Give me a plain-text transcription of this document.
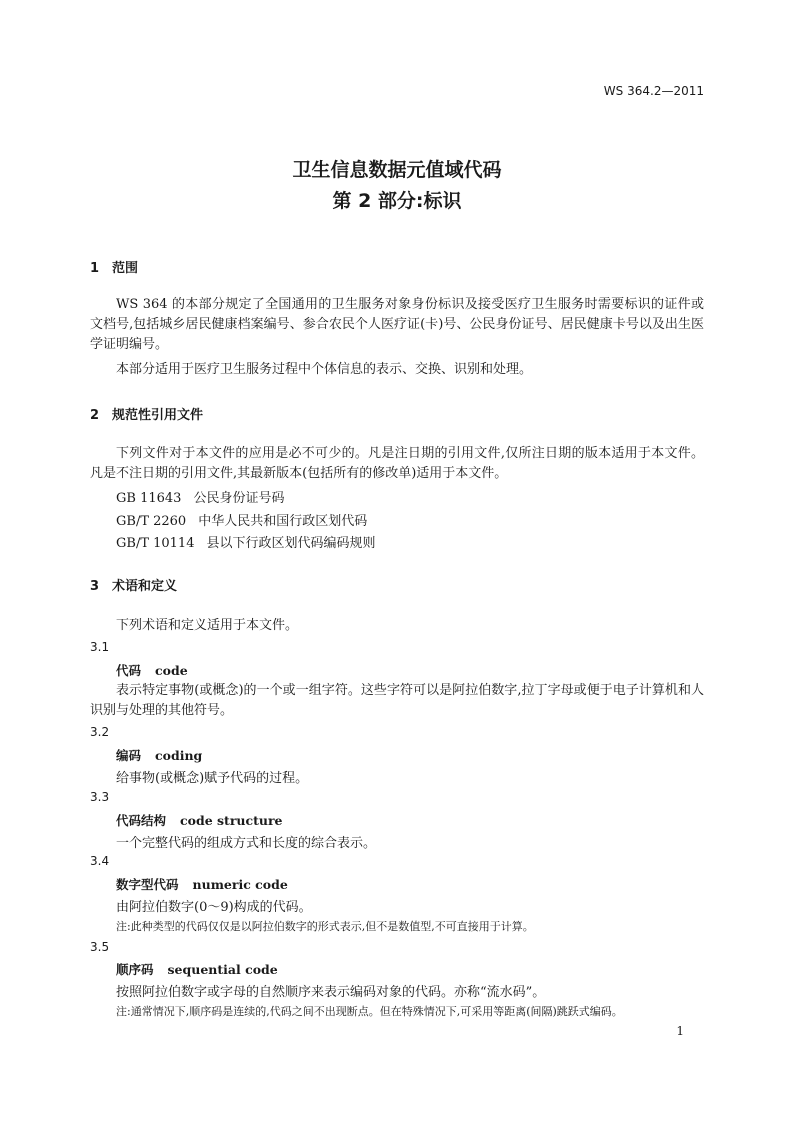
WS 364.2—2011
卫生信息数据元值域代码
第 2 部分:标识
1 范围
WS 364 的本部分规定了全国通用的卫生服务对象身份标识及接受医疗卫生服务时需要标识的证件或文档号,包括城乡居民健康档案编号、参合农民个人医疗证(卡)号、公民身份证号、居民健康卡号以及出生医学证明编号。
本部分适用于医疗卫生服务过程中个体信息的表示、交换、识别和处理。
2 规范性引用文件
下列文件对于本文件的应用是必不可少的。凡是注日期的引用文件,仅所注日期的版本适用于本文件。凡是不注日期的引用文件,其最新版本(包括所有的修改单)适用于本文件。
GB 11643 公民身份证号码
GB/T 2260 中华人民共和国行政区划代码
GB/T 10114 县以下行政区划代码编码规则
3 术语和定义
下列术语和定义适用于本文件。
3.1
代码 code
表示特定事物(或概念)的一个或一组字符。这些字符可以是阿拉伯数字,拉丁字母或便于电子计算机和人识别与处理的其他符号。
3.2
编码 coding
给事物(或概念)赋予代码的过程。
3.3
代码结构 code structure
一个完整代码的组成方式和长度的综合表示。
3.4
数字型代码 numeric code
由阿拉伯数字(0～9)构成的代码。
注:此种类型的代码仅仅是以阿拉伯数字的形式表示,但不是数值型,不可直接用于计算。
3.5
顺序码 sequential code
按照阿拉伯数字或字母的自然顺序来表示编码对象的代码。亦称“流水码”。
注:通常情况下,顺序码是连续的,代码之间不出现断点。但在特殊情况下,可采用等距离(间隔)跳跃式编码。
1
